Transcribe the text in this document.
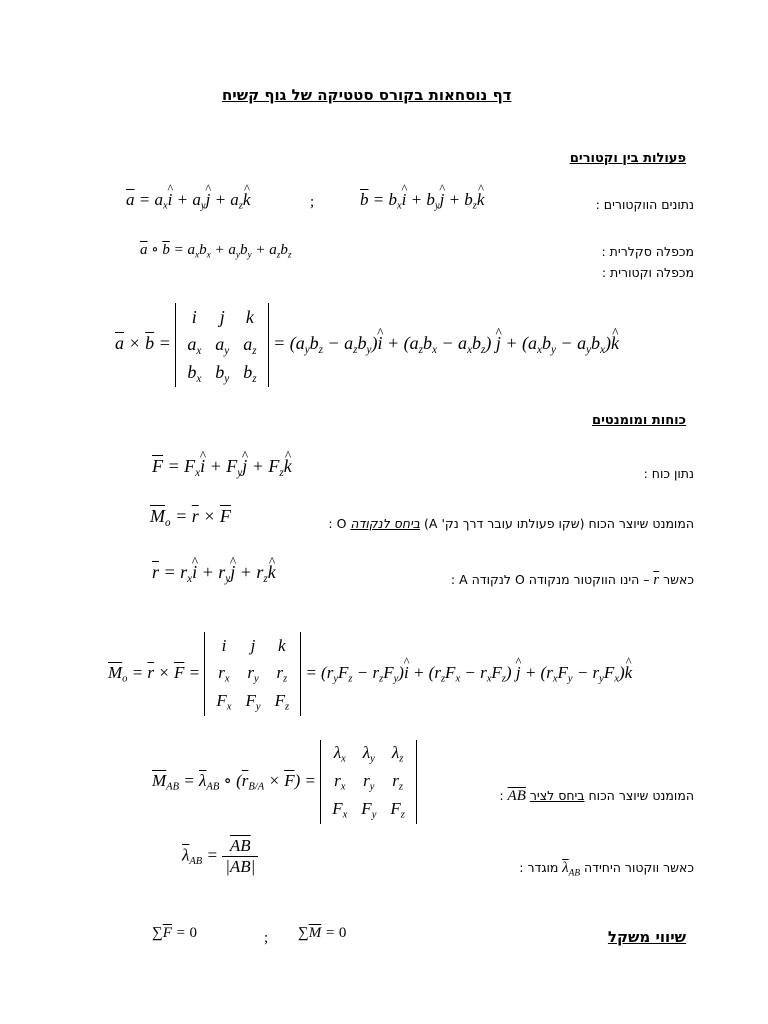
דף נוסחאות בקורס סטטיקה של גוף קשיח
פעולות בין וקטורים
$\overline{a}$ = $a_x\^{}$ $i + a_y\^{}$ $j + a_z\^{}$ k	;	$\overline{b}$ = $b_x\^{}$ $i + b_y\^{}$ $j + b_z\^{}$ k	נתונים הווקטורים :
$\overline{a}$ ∘ $\overline{b} = a_xb_x + a_yb_y + a_zb_z$	מכפלה סקלרית :
מכפלה וקטורית :
$\overline{a} \times \overline{b}$ =
i	j	k
$a_x$	$a_y$	$a_z$
$b_x$	$b_y$	$b_z$
= ($a_yb_z$ − $a_zb_y)\^{}$ $i + (a_zb_x - a_xb_z)$ ^ $j + (a_xb_y$ − $a_yb_x)\^{}$ k
כוחות ומומנטים
$\overline{F}$ = $F_x\^{}$ $i + F_y\^{}$ $j + F_z\^{}$ k	נתון כוח :
$\overline{M}_o = \overline{r} \times \overline{F}$	המומנט שיוצר הכוח (שקו פעולתו עובר דרך נק' A) ביחס לנקודה O :
$\overline{r}$ = $r_x\^{}$ $i + r_y\^{}$ $j + r_z\^{}$ k	כאשר $\overline{r}$ – הינו הווקטור מנקודה O לנקודה A :
$\overline{M}_o = \overline{r} \times \overline{F}$ =
i	j	k
$r_x$	$r_y$	$r_z$
$F_x$	$F_y$	$F_z$
= ($r_yF_z$ − $r_zF_y)\^{}$ $i + (r_zF_x - r_xF_z)$ ^ $j + (r_xF_y$ − $r_yF_x)\^{}$ k
$\overline{M}_{AB} = \overline{\lambda}_{AB}$ ∘ $(\overline{r}_{B/A} \times \overline{F})$ =
$\lambda_x$	$\lambda_y$	$\lambda_z$
$r_x$	$r_y$	$r_z$
$F_x$	$F_y$	$F_z$
המומנט שיוצר הכוח ביחס לציר $\overline{AB}$ :
$\overline{\lambda}_{AB} = \frac{\overline{AB}}{|AB|}$	כאשר ווקטור היחידה $\overline{\lambda}_{AB}$ מוגדר :
$\sum\overline{F} = 0$	; $\sum\overline{M} = 0$	שיווי משקל
